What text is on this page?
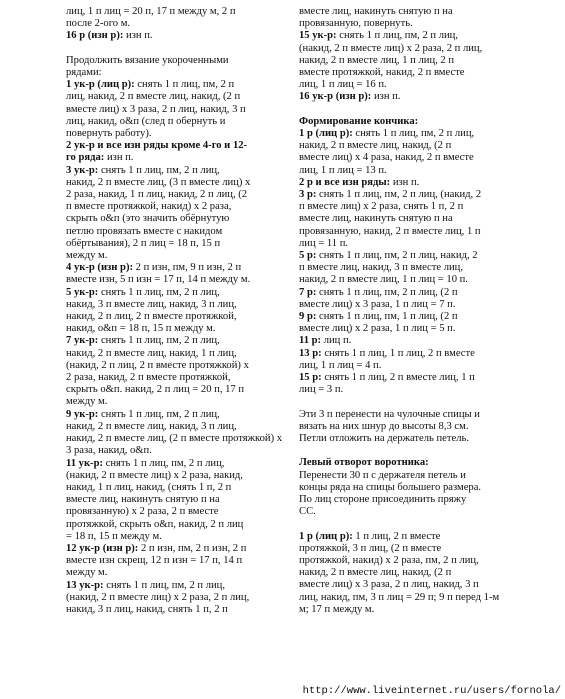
лиц, 1 п лиц = 20 п, 17 п между м, 2 п
после 2-ого м.
16 р (изн р): изн п.
Продолжить вязание укороченными
рядами:
1 ук-р (лиц р): снять 1 п лиц, пм, 2 п
лиц, накид, 2 п вместе лиц, накид, (2 п
вместе лиц) x 3 раза, 2 п лиц, накид, 3 п
лиц, накид, о&п (след п обернуть и
повернуть работу).
2 ук-р и все изн ряды кроме 4-го и 12-
го ряда: изн п.
3 ук-р: снять 1 п лиц, пм, 2 п лиц,
накид, 2 п вместе лиц, (3 п вместе лиц) x
2 раза, накид, 1 п лиц, накид, 2 п лиц, (2
п вместе протяжкой, накид) x 2 раза,
скрыть о&п (это значить обёрнутую
петлю провязать вместе с накидом
обёртывания), 2 п лиц = 18 п, 15 п
между м.
4 ук-р (изн р): 2 п изн, пм, 9 п изн, 2 п
вместе изн, 5 п изн = 17 п, 14 п между м.
5 ук-р: снять 1 п лиц, пм, 2 п лиц,
накид, 3 п вместе лиц, накид, 3 п лиц,
накид, 2 п лиц, 2 п вместе протяжкой,
накид, о&п = 18 п, 15 п между м.
7 ук-р: снять 1 п лиц, пм, 2 п лиц,
накид, 2 п вместе лиц, накид, 1 п лиц,
(накид, 2 п лиц, 2 п вместе протяжкой) x
2 раза, накид, 2 п вместе протяжкой,
скрыть о&п. накид, 2 п лиц = 20 п, 17 п
между м.
9 ук-р: снять 1 п лиц, пм, 2 п лиц,
накид, 2 п вместе лиц, накид, 3 п лиц,
накид, 2 п вместе лиц, (2 п вместе протяжкой) x
3 раза, накид, о&п.
11 ук-р: снять 1 п лиц, пм, 2 п лиц,
(накид, 2 п вместе лиц) x 2 раза, накид,
накид, 1 п лиц, накид, (снять 1 п, 2 п
вместе лиц, накинуть снятую п на
провязанную) x 2 раза, 2 п вместе
протяжкой, скрыть о&п, накид, 2 п лиц
= 18 п, 15 п между м.
12 ук-р (изн р): 2 п изн, пм, 2 п изн, 2 п
вместе изн скрещ, 12 п изн = 17 п, 14 п
между м.
13 ук-р: снять 1 п лиц, пм, 2 п лиц,
(накид, 2 п вместе лиц) x 2 раза, 2 п лиц,
накид, 3 п лиц, накид, снять 1 п, 2 п
вместе лиц, накинуть снятую п на
провязанную, повернуть.
15 ук-р: снять 1 п лиц, пм, 2 п лиц,
(накид, 2 п вместе лиц) x 2 раза, 2 п лиц,
накид, 2 п вместе лиц, 1 п лиц, 2 п
вместе протяжкой, накид, 2 п вместе
лиц, 1 п лиц = 16 п.
16 ук-р (изн р): изн п.
Формирование кончика:
1 р (лиц р): снять 1 п лиц, пм, 2 п лиц,
накид, 2 п вместе лиц, накид, (2 п
вместе лиц) x 4 раза, накид, 2 п вместе
лиц, 1 п лиц = 13 п.
2 р и все изн ряды: изн п.
3 р: снять 1 п лиц, пм, 2 п лиц, (накид, 2
п вместе лиц) x 2 раза, снять 1 п, 2 п
вместе лиц, накинуть снятую п на
провязанную, накид, 2 п вместе лиц, 1 п
лиц = 11 п.
5 р: снять 1 п лиц, пм, 2 п лиц, накид, 2
п вместе лиц, накид, 3 п вместе лиц,
накид, 2 п вместе лиц, 1 п лиц = 10 п.
7 р: снять 1 п лиц, пм, 2 п лиц, (2 п
вместе лиц) x 3 раза, 1 п лиц = 7 п.
9 р: снять 1 п лиц, пм, 1 п лиц, (2 п
вместе лиц) x 2 раза, 1 п лиц = 5 п.
11 р: лиц п.
13 р: снять 1 п лиц, 1 п лиц, 2 п вместе
лиц, 1 п лиц = 4 п.
15 р: снять 1 п лиц, 2 п вместе лиц, 1 п
лиц = 3 п.
Эти 3 п перенести на чулочные спицы и
вязать на них шнур до высоты 8,3 см.
Петли отложить на держатель петель.
Левый отворот воротника:
Перенести 30 п с держателя петель и
концы ряда на спицы большего размера.
По лиц стороне присоединить пряжу
СС.
1 р (лиц р): 1 п лиц, 2 п вместе
протяжкой, 3 п лиц, (2 п вместе
протяжкой, накид) x 2 раза, пм, 2 п лиц,
накид, 2 п вместе лиц, накид, (2 п
вместе лиц) x 3 раза, 2 п лиц, накид, 3 п
лиц, накид, пм, 3 п лиц = 29 п; 9 п перед 1-м
м; 17 п между м.
http://www.liveinternet.ru/users/fornola/
